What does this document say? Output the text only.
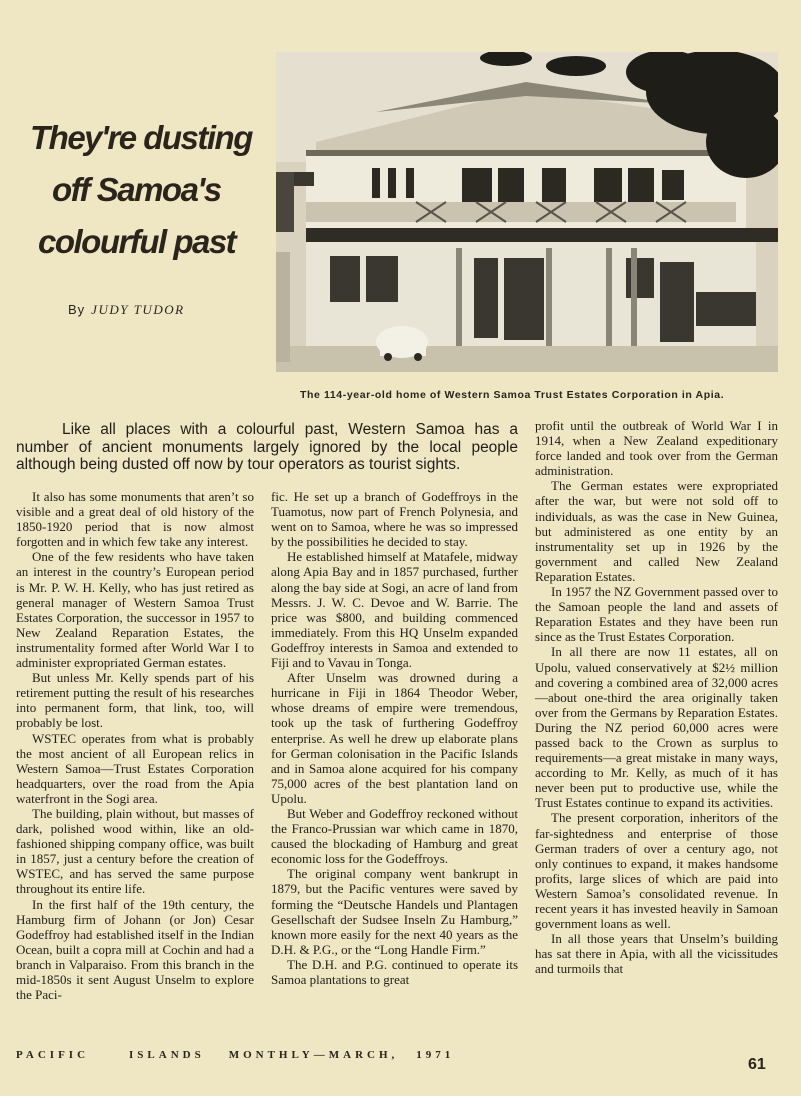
They're dusting
off Samoa's
colourful past
By JUDY TUDOR
The 114-year-old home of Western Samoa Trust Estates Corporation in Apia.

Like all places with a colourful past, Western Samoa has a number of ancient monuments largely ignored by the local people although being dusted off now by tour operators as tourist sights.

It also has some monuments that aren’t so visible and a great deal of old history of the 1850-1920 period that is now almost forgotten and in which few take any interest.

One of the few residents who have taken an interest in the country’s European period is Mr. P. W. H. Kelly, who has just retired as general manager of Western Samoa Trust Estates Corporation, the successor in 1957 to New Zealand Reparation Estates, the instrumentality formed after World War I to administer expropriated German estates.

But unless Mr. Kelly spends part of his retirement putting the result of his researches into permanent form, that link, too, will probably be lost.

WSTEC operates from what is probably the most ancient of all European relics in Western Samoa—Trust Estates Corporation headquarters, over the road from the Apia waterfront in the Sogi area.

The building, plain without, but masses of dark, polished wood within, like an old-fashioned shipping company office, was built in 1857, just a century before the creation of WSTEC, and has served the same purpose throughout its entire life.

In the first half of the 19th century, the Hamburg firm of Johann (or Jon) Cesar Godeffroy had established itself in the Indian Ocean, built a copra mill at Cochin and had a branch in Valparaiso. From this branch in the mid-1850s it sent August Unselm to explore the Paci-

fic. He set up a branch of Godeffroys in the Tuamotus, now part of French Polynesia, and went on to Samoa, where he was so impressed by the possibilities he decided to stay.

He established himself at Matafele, midway along Apia Bay and in 1857 purchased, further along the bay side at Sogi, an acre of land from Messrs. J. W. C. Devoe and W. Barrie. The price was $800, and building commenced immediately. From this HQ Unselm expanded Godeffroy interests in Samoa and extended to Fiji and to Vavau in Tonga.

After Unselm was drowned during a hurricane in Fiji in 1864 Theodor Weber, whose dreams of empire were tremendous, took up the task of furthering Godeffroy enterprise. As well he drew up elaborate plans for German colonisation in the Pacific Islands and in Samoa alone acquired for his company 75,000 acres of the best plantation land on Upolu.

But Weber and Godeffroy reckoned without the Franco-Prussian war which came in 1870, caused the blockading of Hamburg and great economic loss for the Godeffroys.

The original company went bankrupt in 1879, but the Pacific ventures were saved by forming the “Deutsche Handels und Plantagen Gesellschaft der Sudsee Inseln Zu Hamburg,” known more easily for the next 40 years as the D.H. & P.G., or the “Long Handle Firm.”

The D.H. and P.G. continued to operate its Samoa plantations to great

profit until the outbreak of World War I in 1914, when a New Zealand expeditionary force landed and took over from the German administration.

The German estates were expropriated after the war, but were not sold off to individuals, as was the case in New Guinea, but administered as one entity by an instrumentality set up in 1926 by the government and called New Zealand Reparation Estates.

In 1957 the NZ Government passed over to the Samoan people the land and assets of Reparation Estates and they have been run since as the Trust Estates Corporation.

In all there are now 11 estates, all on Upolu, valued conservatively at $2½ million and covering a combined area of 32,000 acres—about one-third the area originally taken over from the Germans by Reparation Estates. During the NZ period 60,000 acres were passed back to the Crown as surplus to requirements—a great mistake in many ways, according to Mr. Kelly, as much of it has never been put to productive use, while the Trust Estates continue to expand its activities.

The present corporation, inheritors of the far-sightedness and enterprise of those German traders of over a century ago, not only continues to expand, it makes handsome profits, large slices of which are paid into Western Samoa’s consolidated revenue. In recent years it has invested heavily in Samoan government loans as well.

In all those years that Unselm’s building has sat there in Apia, with all the vicissitudes and turmoils that

PACIFIC	ISLANDS MONTHLY—MARCH, 1971
61
